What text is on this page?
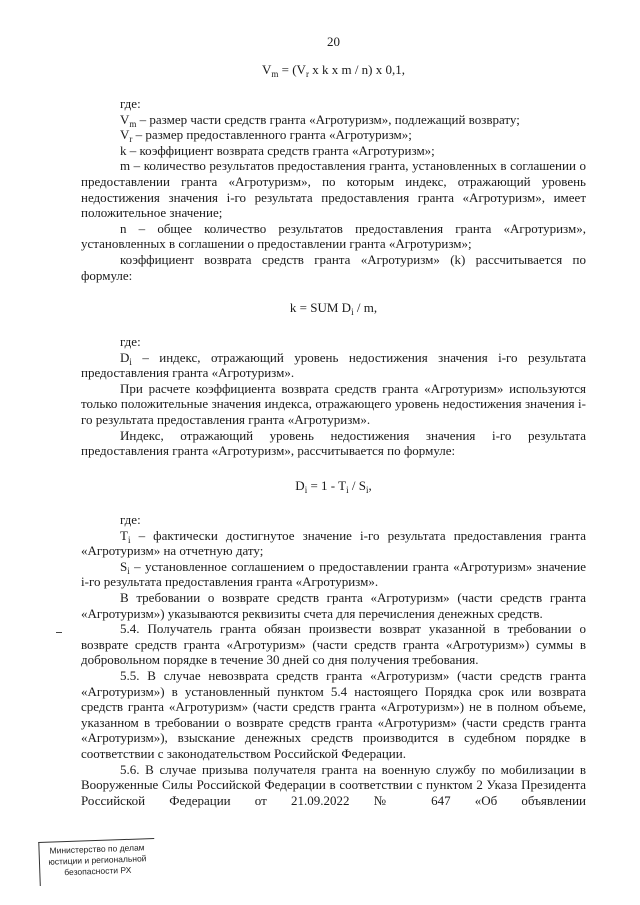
20
$V_m = (V_r$ x k x m / n) x 0,1,

где:

$V_m$ – размер части средств гранта «Агротуризм», подлежащий возврату;

$V_r$ – размер предоставленного гранта «Агротуризм»;

k – коэффициент возврата средств гранта «Агротуризм»;

m – количество результатов предоставления гранта, установленных в соглашении о предоставлении гранта «Агротуризм», по которым индекс, отражающий уровень недостижения значения i-го результата предоставления гранта «Агротуризм», имеет положительное значение;

n – общее количество результатов предоставления гранта «Агротуризм», установленных в соглашении о предоставлении гранта «Агротуризм»;

коэффициент возврата средств гранта «Агротуризм» (k) рассчитывается по формуле:

k = SUM $D_i$ / m,

где:

$D_i$ – индекс, отражающий уровень недостижения значения i-го результата предоставления гранта «Агротуризм».

При расчете коэффициента возврата средств гранта «Агротуризм» используются только положительные значения индекса, отражающего уровень недостижения значения i-го результата предоставления гранта «Агротуризм».

Индекс, отражающий уровень недостижения значения i-го результата предоставления гранта «Агротуризм», рассчитывается по формуле:

$D_i = 1 - T_i / S_i$,

где:

$T_i$ – фактически достигнутое значение i-го результата предоставления гранта «Агротуризм» на отчетную дату;

$S_i$ – установленное соглашением о предоставлении гранта «Агротуризм» значение i-го результата предоставления гранта «Агротуризм».

В требовании о возврате средств гранта «Агротуризм» (части средств гранта «Агротуризм») указываются реквизиты счета для перечисления денежных средств.

5.4. Получатель гранта обязан произвести возврат указанной в требовании о возврате средств гранта «Агротуризм» (части средств гранта «Агротуризм») суммы в добровольном порядке в течение 30 дней со дня получения требования.

5.5. В случае невозврата средств гранта «Агротуризм» (части средств гранта «Агротуризм») в установленный пунктом 5.4 настоящего Порядка срок или возврата средств гранта «Агротуризм» (части средств гранта «Агротуризм») не в полном объеме, указанном в требовании о возврате средств гранта «Агротуризм» (части средств гранта «Агротуризм»), взыскание денежных средств производится в судебном порядке в соответствии с законодательством Российской Федерации.

5.6. В случае призыва получателя гранта на военную службу по мобилизации в Вооруженные Силы Российской Федерации в соответствии с пунктом 2 Указа Президента Российской Федерации от 21.09.2022 № 647 «Об объявлении

Министерство по делам
юстиции и региональной
безопасности РХ
